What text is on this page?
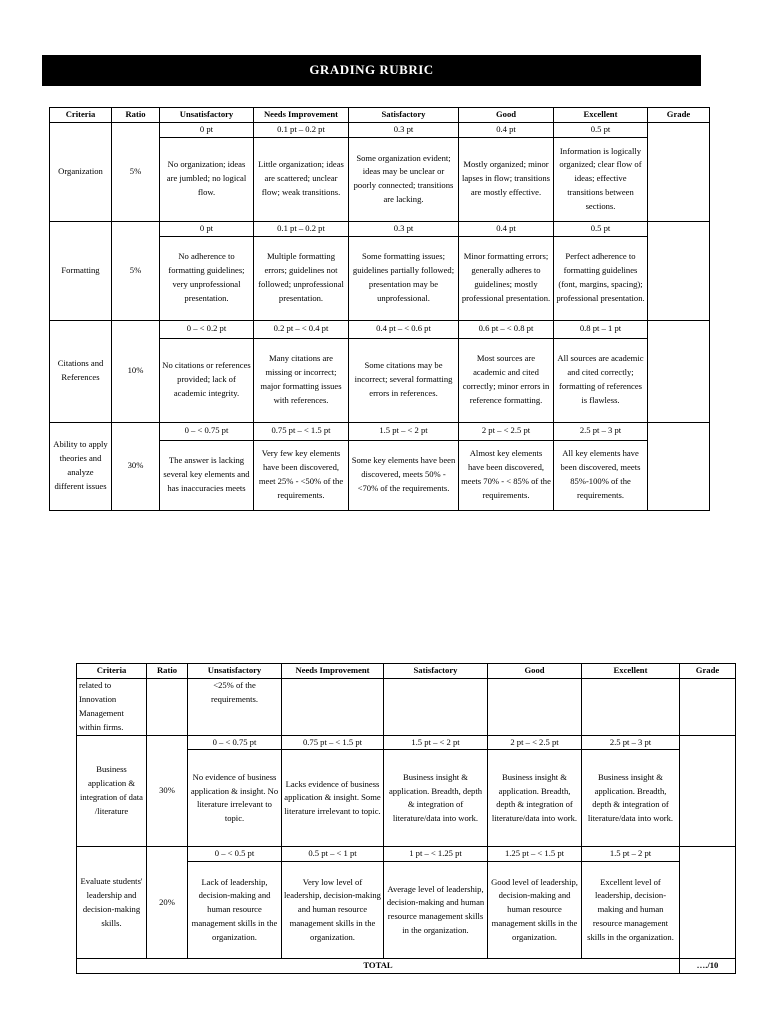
GRADING RUBRIC
Criteria	Ratio	Unsatisfactory	Needs Improvement	Satisfactory	Good	Excellent	Grade
Organization	5%	0 pt	0.1 pt – 0.2 pt	0.3 pt	0.4 pt	0.5 pt	
		No organization; ideas are jumbled; no logical flow.	Little organization; ideas are scattered; unclear flow; weak transitions.	Some organization evident; ideas may be unclear or poorly connected; transitions are lacking.	Mostly organized; minor lapses in flow; transitions are mostly effective.	Information is logically organized; clear flow of ideas; effective transitions between sections.	
Formatting	5%	0 pt	0.1 pt – 0.2 pt	0.3 pt	0.4 pt	0.5 pt	
		No adherence to formatting guidelines; very unprofessional presentation.	Multiple formatting errors; guidelines not followed; unprofessional presentation.	Some formatting issues; guidelines partially followed; presentation may be unprofessional.	Minor formatting errors; generally adheres to guidelines; mostly professional presentation.	Perfect adherence to formatting guidelines (font, margins, spacing); professional presentation.	
Citations and References	10%	0 – < 0.2 pt	0.2 pt – < 0.4 pt	0.4 pt – < 0.6 pt	0.6 pt – < 0.8 pt	0.8 pt – 1 pt	
		No citations or references provided; lack of academic integrity.	Many citations are missing or incorrect; major formatting issues with references.	Some citations may be incorrect; several formatting errors in references.	Most sources are academic and cited correctly; minor errors in reference formatting.	All sources are academic and cited correctly; formatting of references is flawless.	
Ability to apply theories and analyze different issues	30%	0 – < 0.75 pt	0.75 pt – < 1.5 pt	1.5 pt – < 2 pt	2 pt – < 2.5 pt	2.5 pt – 3 pt	
		The answer is lacking several key elements and has inaccuracies meets	Very few key elements have been discovered, meet 25% - <50% of the requirements.	Some key elements have been discovered, meets 50% - <70% of the requirements.	Almost key elements have been discovered, meets 70% - < 85% of the requirements.	All key elements have been discovered, meets 85%-100% of the requirements.	
Criteria	Ratio	Unsatisfactory	Needs Improvement	Satisfactory	Good	Excellent	Grade
related to Innovation Management within firms.		<25% of the requirements.					
Business application & integration of data /literature	30%	0 – < 0.75 pt	0.75 pt – < 1.5 pt	1.5 pt – < 2 pt	2 pt – < 2.5 pt	2.5 pt – 3 pt	
		No evidence of business application & insight. No literature irrelevant to topic.	Lacks evidence of business application & insight. Some literature irrelevant to topic.	Business insight & application. Breadth, depth & integration of literature/data into work.	Business insight & application. Breadth, depth & integration of literature/data into work.	Business insight & application. Breadth, depth & integration of literature/data into work.	
Evaluate students' leadership and decision-making skills.	20%	0 – < 0.5 pt	0.5 pt – < 1 pt	1 pt – < 1.25 pt	1.25 pt – < 1.5 pt	1.5 pt – 2 pt	
		Lack of leadership, decision-making and human resource management skills in the organization.	Very low level of leadership, decision-making and human resource management skills in the organization.	Average level of leadership, decision-making and human resource management skills in the organization.	Good level of leadership, decision-making and human resource management skills in the organization.	Excellent level of leadership, decision-making and human resource management skills in the organization.	
TOTAL							…./10
